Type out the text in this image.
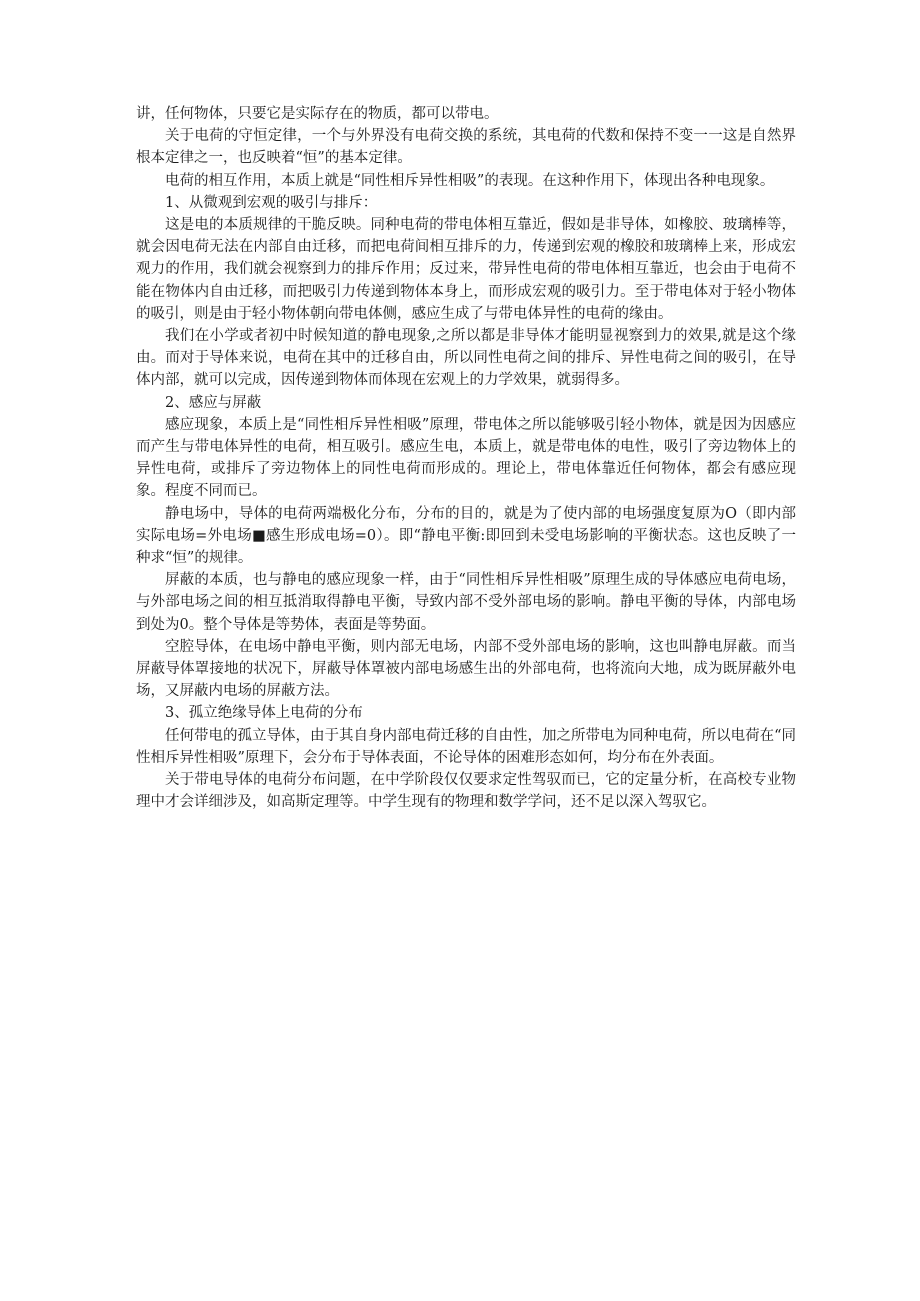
讲，任何物体，只要它是实际存在的物质，都可以带电。

关于电荷的守恒定律，一个与外界没有电荷交换的系统，其电荷的代数和保持不变一一这是自然界根本定律之一，也反映着“恒”的基本定律。

电荷的相互作用，本质上就是“同性相斥异性相吸”的表现。在这种作用下，体现出各种电现象。

1、从微观到宏观的吸引与排斥：

这是电的本质规律的干脆反映。同种电荷的带电体相互靠近，假如是非导体，如橡胶、玻璃棒等，就会因电荷无法在内部自由迁移，而把电荷间相互排斥的力，传递到宏观的橡胶和玻璃棒上来，形成宏观力的作用，我们就会视察到力的排斥作用；反过来，带异性电荷的带电体相互靠近，也会由于电荷不能在物体内自由迁移，而把吸引力传递到物体本身上，而形成宏观的吸引力。至于带电体对于轻小物体的吸引，则是由于轻小物体朝向带电体侧，感应生成了与带电体异性的电荷的缘由。

我们在小学或者初中时候知道的静电现象,之所以都是非导体才能明显视察到力的效果,就是这个缘由。而对于导体来说，电荷在其中的迁移自由，所以同性电荷之间的排斥、异性电荷之间的吸引，在导体内部，就可以完成，因传递到物体而体现在宏观上的力学效果，就弱得多。

2、感应与屏蔽

感应现象，本质上是“同性相斥异性相吸”原理，带电体之所以能够吸引轻小物体，就是因为因感应而产生与带电体异性的电荷，相互吸引。感应生电，本质上，就是带电体的电性，吸引了旁边物体上的异性电荷，或排斥了旁边物体上的同性电荷而形成的。理论上，带电体靠近任何物体，都会有感应现象。程度不同而已。

静电场中，导体的电荷两端极化分布，分布的目的，就是为了使内部的电场强度复原为O（即内部实际电场=外电场■感生形成电场=0）。即“静电平衡:即回到未受电场影响的平衡状态。这也反映了一种求“恒”的规律。

屏蔽的本质，也与静电的感应现象一样，由于“同性相斥异性相吸”原理生成的导体感应电荷电场，与外部电场之间的相互抵消取得静电平衡，导致内部不受外部电场的影响。静电平衡的导体，内部电场到处为0。整个导体是等势体，表面是等势面。

空腔导体，在电场中静电平衡，则内部无电场，内部不受外部电场的影响，这也叫静电屏蔽。而当屏蔽导体罩接地的状况下，屏蔽导体罩被内部电场感生出的外部电荷，也将流向大地，成为既屏蔽外电场，又屏蔽内电场的屏蔽方法。

3、孤立绝缘导体上电荷的分布

任何带电的孤立导体，由于其自身内部电荷迁移的自由性，加之所带电为同种电荷，所以电荷在“同性相斥异性相吸”原理下，会分布于导体表面，不论导体的困难形态如何，均分布在外表面。

关于带电导体的电荷分布问题，在中学阶段仅仅要求定性驾驭而已，它的定量分析，在高校专业物理中才会详细涉及，如高斯定理等。中学生现有的物理和数学学问，还不足以深入驾驭它。
